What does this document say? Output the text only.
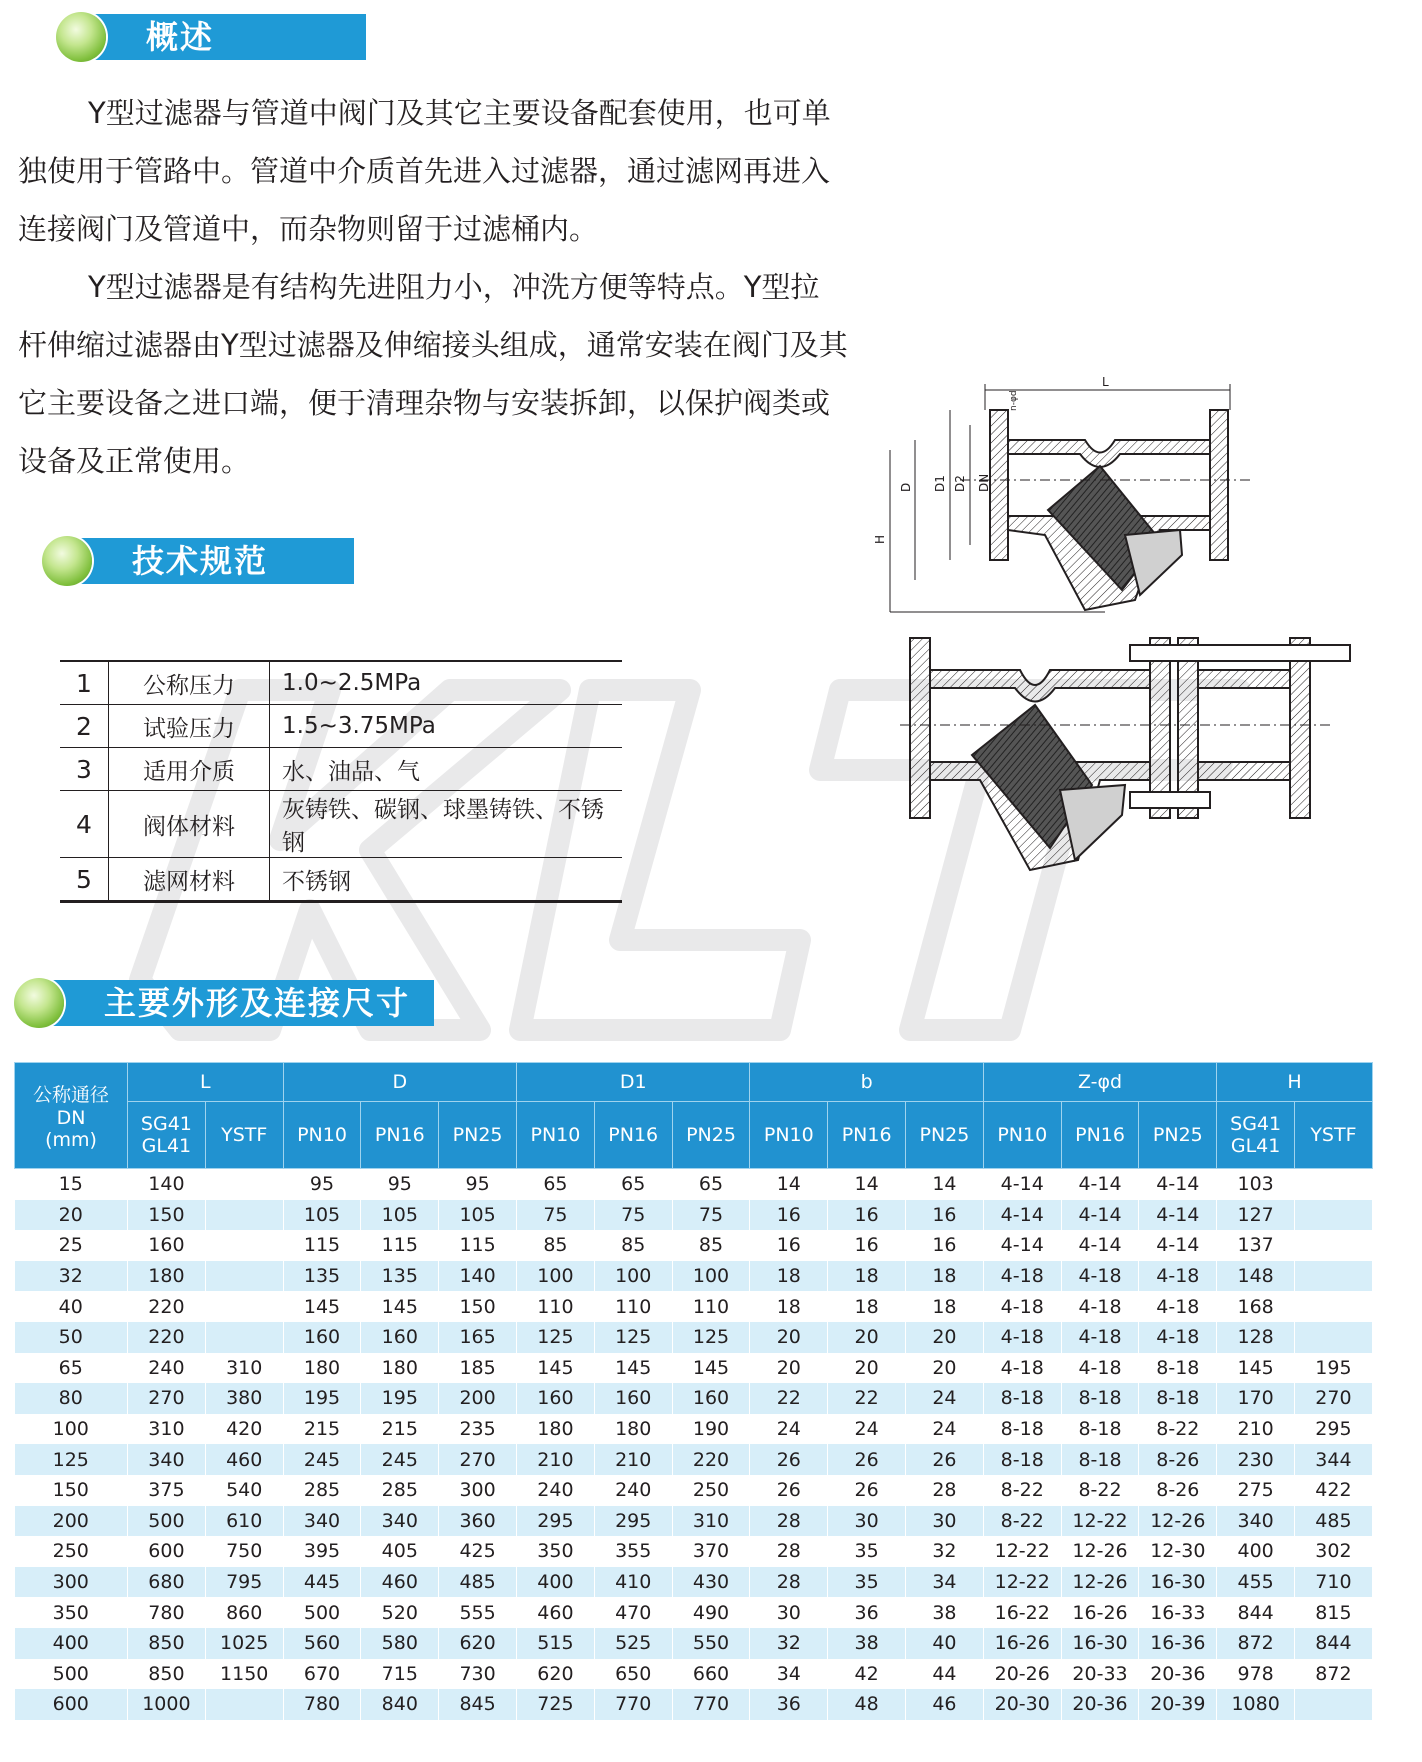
概述

Y型过滤器与管道中阀门及其它主要设备配套使用，也可单独使用于管路中。管道中介质首先进入过滤器，通过滤网再进入连接阀门及管道中，而杂物则留于过滤桶内。

Y型过滤器是有结构先进阻力小，冲洗方便等特点。Y型拉杆伸缩过滤器由Y型过滤器及伸缩接头组成，通常安装在阀门及其它主要设备之进口端，便于清理杂物与安装拆卸，以保护阀类或设备及正常使用。

技术规范
1	公称压力	1.0~2.5MPa
2	试验压力	1.5~3.75MPa
3	适用介质	水、油品、气
4	阀体材料	灰铸铁、碳钢、球墨铸铁、不锈钢
5	滤网材料	不锈钢
主要外形及连接尺寸
L
D D1 D2 DN
H
n-φd
公称通径
DN
(mm)	L		D			D1			b			Z-φd			H	
	SG41
GL41	YSTF	PN10	PN16	PN25	PN10	PN16	PN25	PN10	PN16	PN25	PN10	PN16	PN25	SG41
GL41	YSTF
15	140		95	95	95	65	65	65	14	14	14	4-14	4-14	4-14	103	
20	150		105	105	105	75	75	75	16	16	16	4-14	4-14	4-14	127	
25	160		115	115	115	85	85	85	16	16	16	4-14	4-14	4-14	137	
32	180		135	135	140	100	100	100	18	18	18	4-18	4-18	4-18	148	
40	220		145	145	150	110	110	110	18	18	18	4-18	4-18	4-18	168	
50	220		160	160	165	125	125	125	20	20	20	4-18	4-18	4-18	128	
65	240	310	180	180	185	145	145	145	20	20	20	4-18	4-18	8-18	145	195
80	270	380	195	195	200	160	160	160	22	22	24	8-18	8-18	8-18	170	270
100	310	420	215	215	235	180	180	190	24	24	24	8-18	8-18	8-22	210	295
125	340	460	245	245	270	210	210	220	26	26	26	8-18	8-18	8-26	230	344
150	375	540	285	285	300	240	240	250	26	26	28	8-22	8-22	8-26	275	422
200	500	610	340	340	360	295	295	310	28	30	30	8-22	12-22	12-26	340	485
250	600	750	395	405	425	350	355	370	28	35	32	12-22	12-26	12-30	400	302
300	680	795	445	460	485	400	410	430	28	35	34	12-22	12-26	16-30	455	710
350	780	860	500	520	555	460	470	490	30	36	38	16-22	16-26	16-33	844	815
400	850	1025	560	580	620	515	525	550	32	38	40	16-26	16-30	16-36	872	844
500	850	1150	670	715	730	620	650	660	34	42	44	20-26	20-33	20-36	978	872
600	1000		780	840	845	725	770	770	36	48	46	20-30	20-36	20-39	1080	
